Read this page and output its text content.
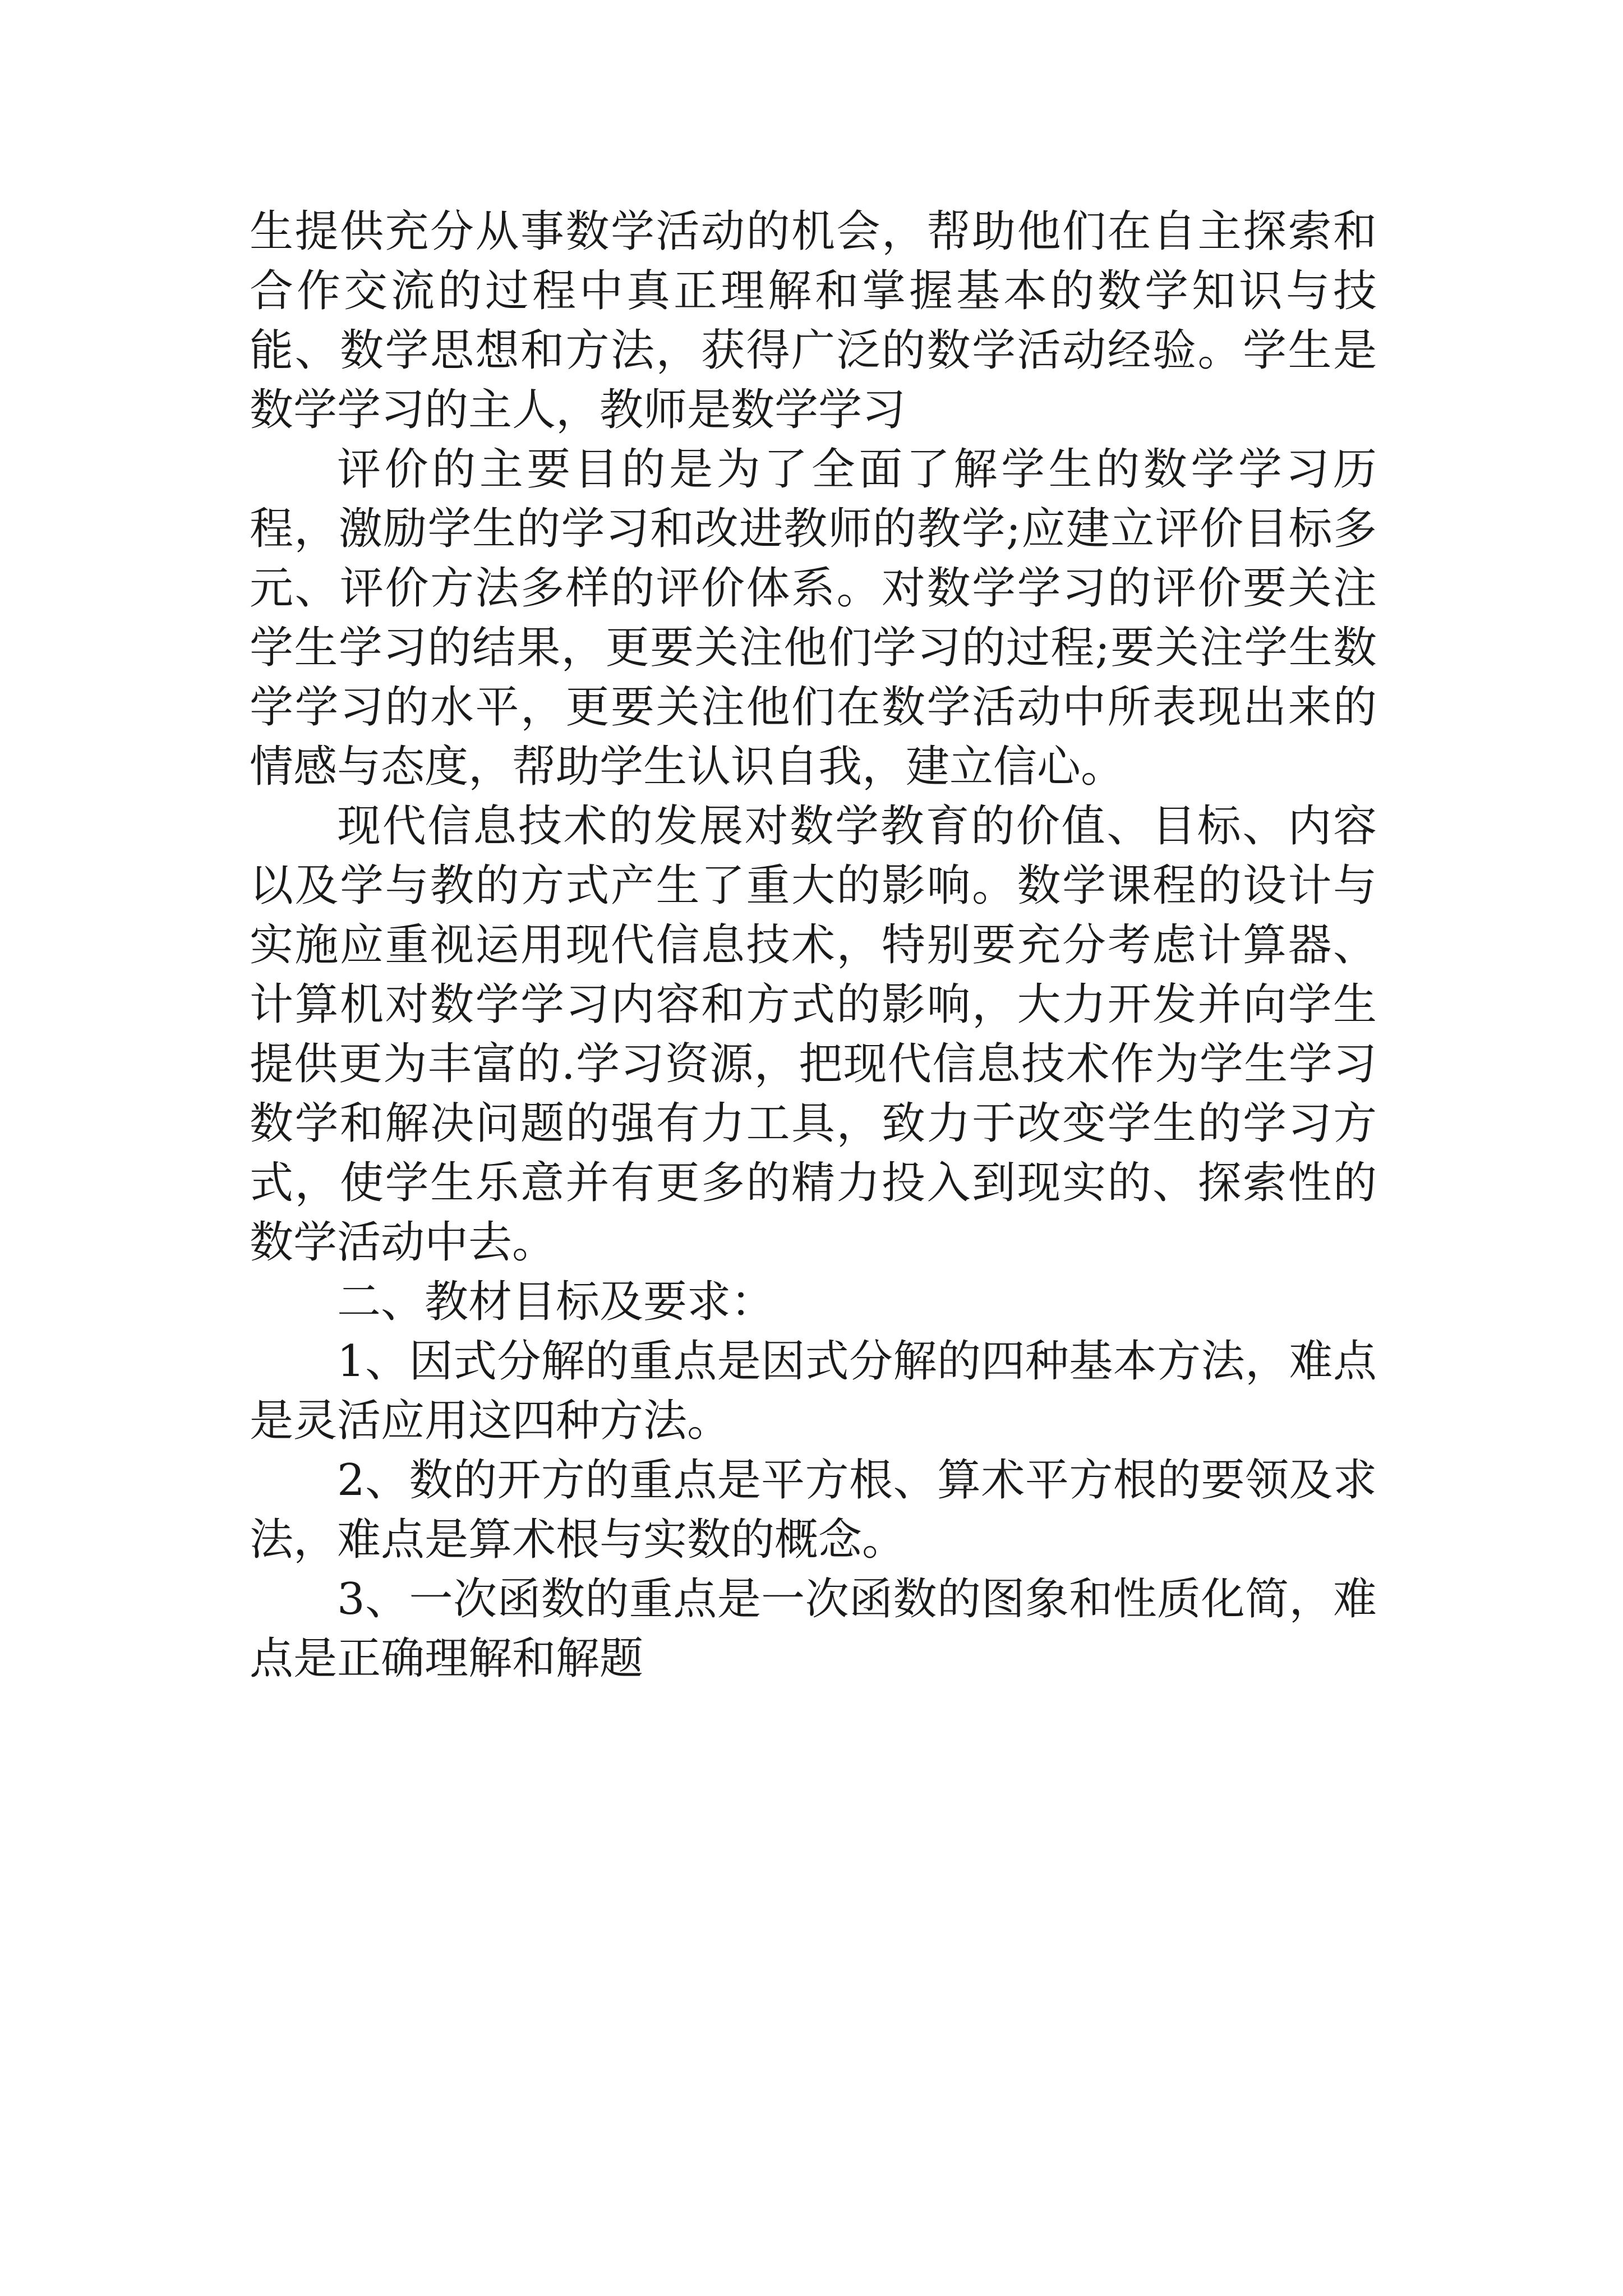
生提供充分从事数学活动的机会，帮助他们在自主探索和合作交流的过程中真正理解和掌握基本的数学知识与技能、数学思想和方法，获得广泛的数学活动经验。学生是数学学习的主人，教师是数学学习

评价的主要目的是为了全面了解学生的数学学习历程，激励学生的学习和改进教师的教学;应建立评价目标多元、评价方法多样的评价体系。对数学学习的评价要关注学生学习的结果，更要关注他们学习的过程;要关注学生数学学习的水平，更要关注他们在数学活动中所表现出来的情感与态度，帮助学生认识自我，建立信心。

现代信息技术的发展对数学教育的价值、目标、内容以及学与教的方式产生了重大的影响。数学课程的设计与实施应重视运用现代信息技术，特别要充分考虑计算器、计算机对数学学习内容和方式的影响，大力开发并向学生提供更为丰富的.学习资源，把现代信息技术作为学生学习数学和解决问题的强有力工具，致力于改变学生的学习方式，使学生乐意并有更多的精力投入到现实的、探索性的数学活动中去。

二、教材目标及要求：

1、因式分解的重点是因式分解的四种基本方法，难点是灵活应用这四种方法。

2、数的开方的重点是平方根、算术平方根的要领及求法，难点是算术根与实数的概念。

3、一次函数的重点是一次函数的图象和性质化简，难点是正确理解和解题
